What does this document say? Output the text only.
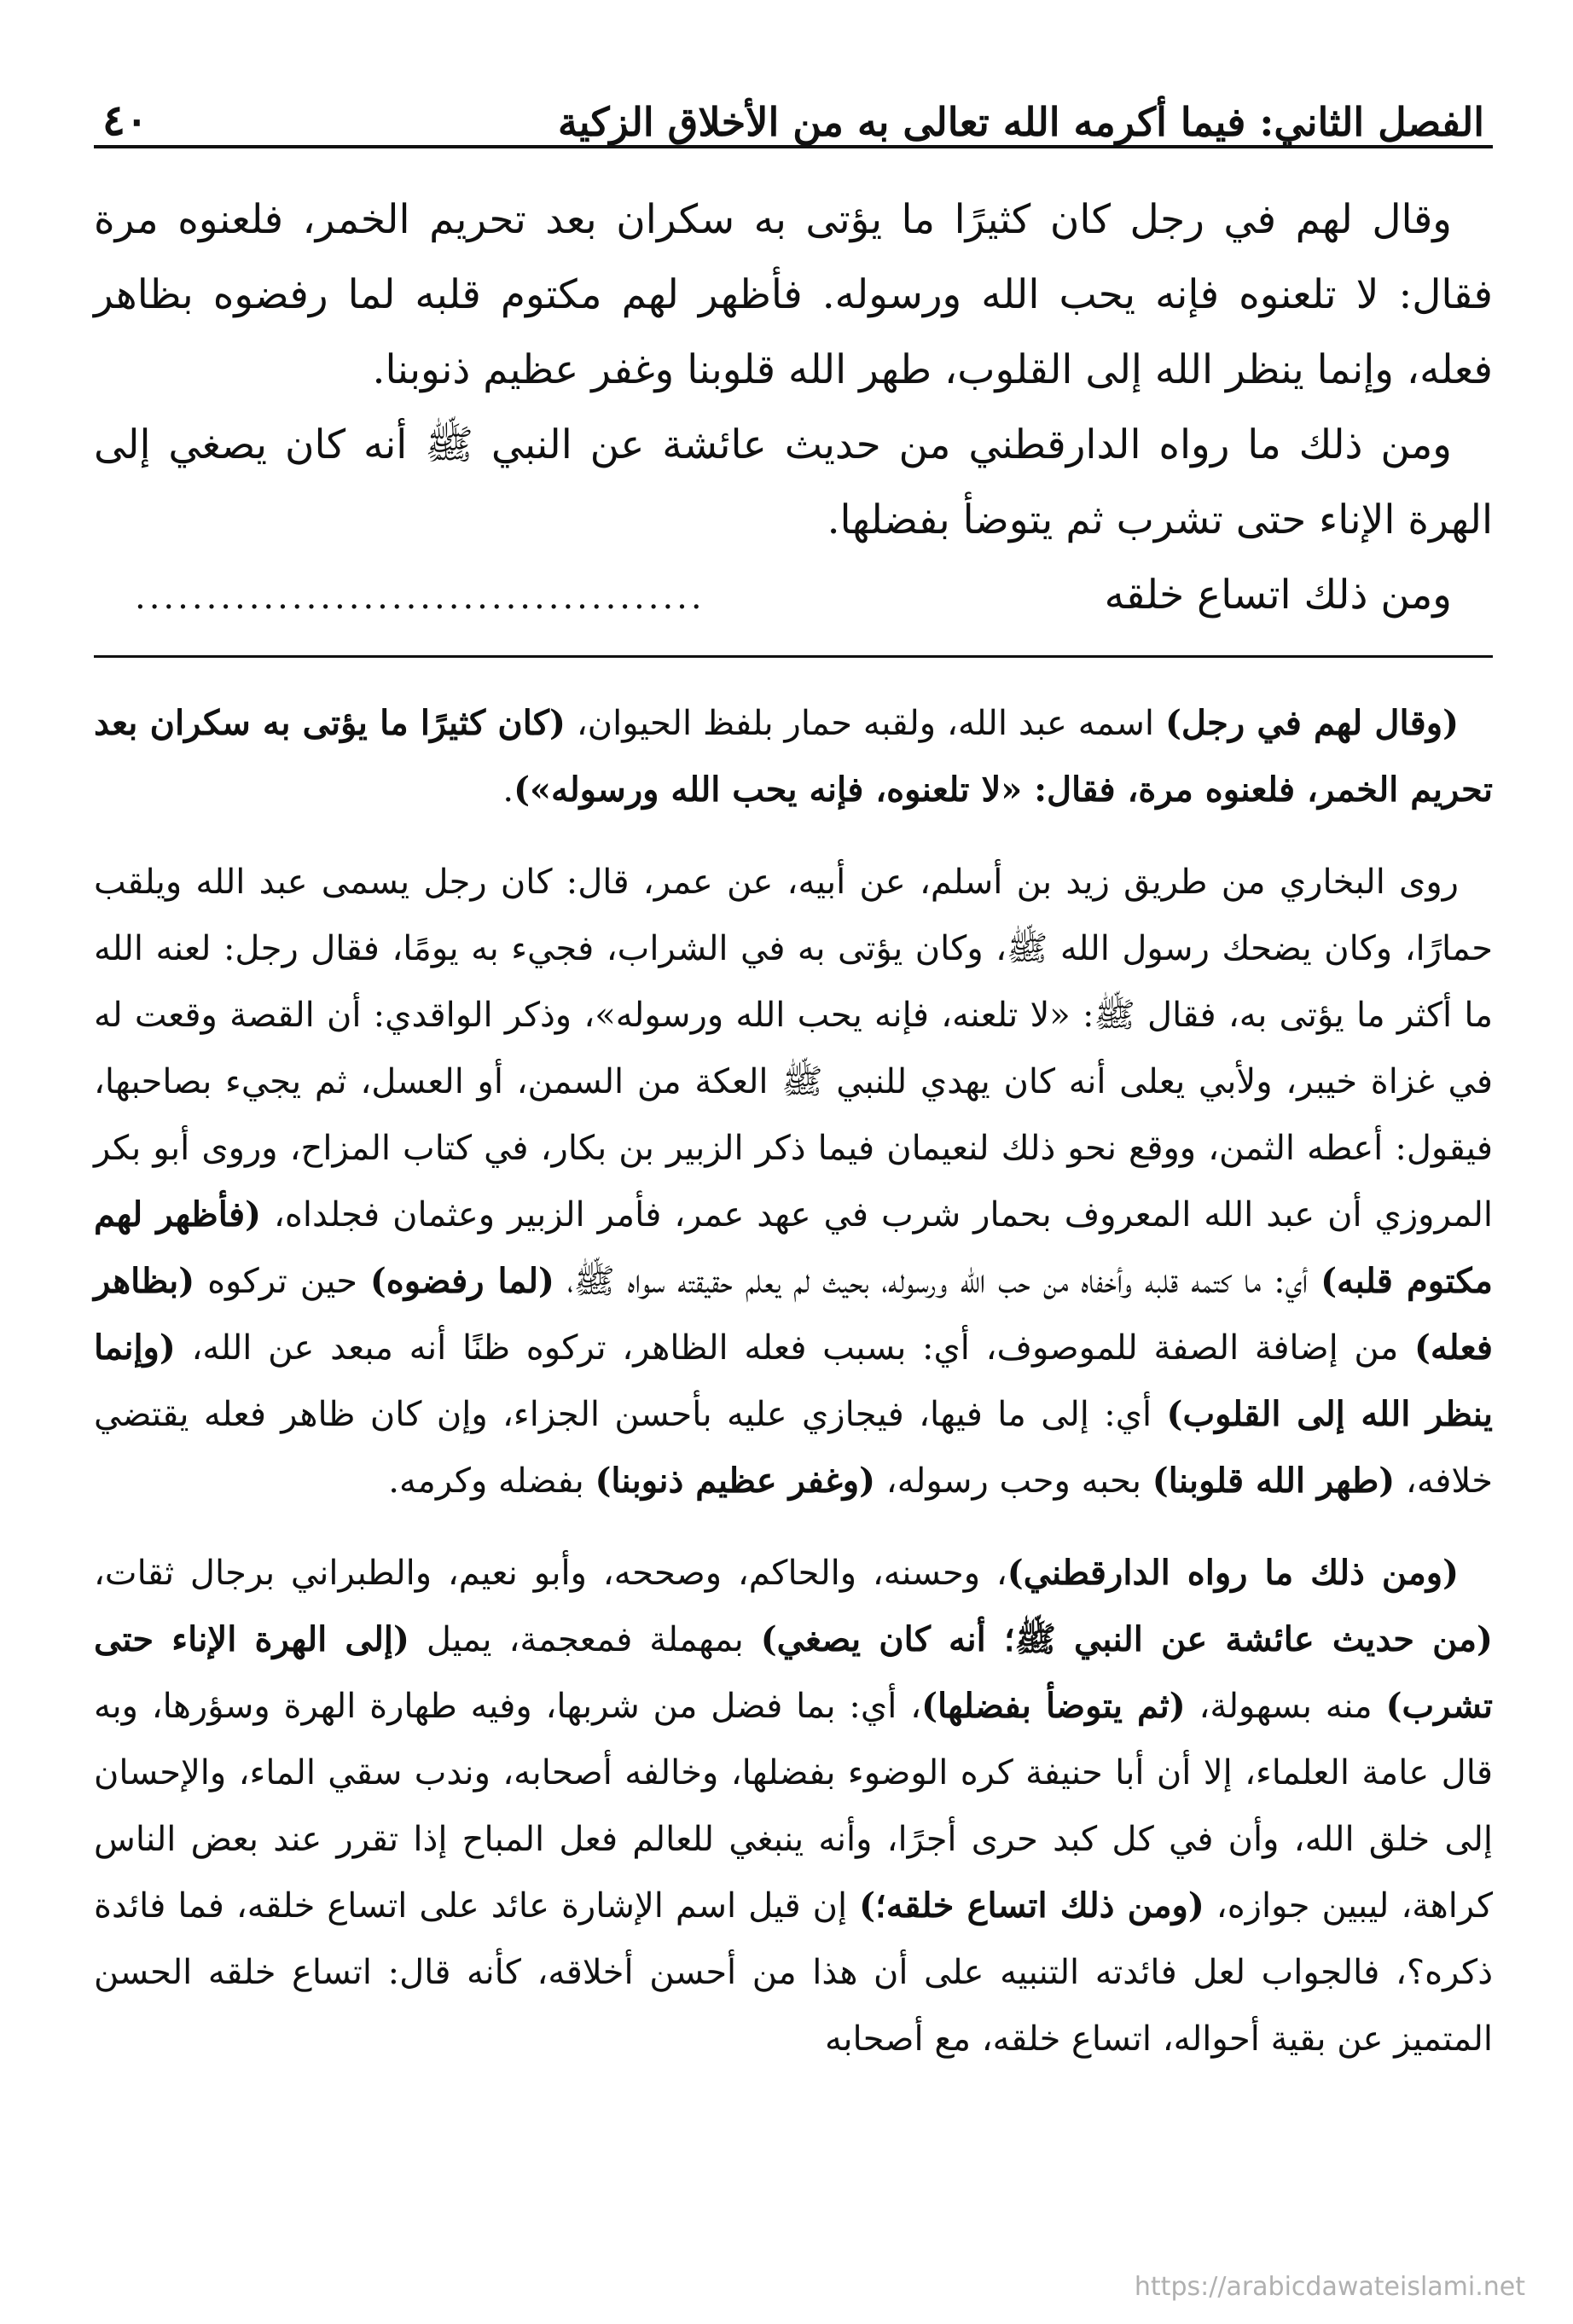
الفصل الثاني: فيما أكرمه الله تعالى به من الأخلاق الزكية
٤٠

وقال لهم في رجل كان كثيرًا ما يؤتى به سكران بعد تحريم الخمر، فلعنوه مرة فقال: لا تلعنوه فإنه يحب الله ورسوله. فأظهر لهم مكتوم قلبه لما رفضوه بظاهر فعله، وإنما ينظر الله إلى القلوب، طهر الله قلوبنا وغفر عظيم ذنوبنا.

ومن ذلك ما رواه الدارقطني من حديث عائشة عن النبي ﷺ أنه كان يصغي إلى الهرة الإناء حتى تشرب ثم يتوضأ بفضلها.

ومن ذلك اتساع خلقه
........................................

(وقال لهم في رجل) اسمه عبد الله، ولقبه حمار بلفظ الحيوان، (كان كثيرًا ما يؤتى به سكران بعد تحريم الخمر، فلعنوه مرة، فقال: «لا تلعنوه، فإنه يحب الله ورسوله»).

روى البخاري من طريق زيد بن أسلم، عن أبيه، عن عمر، قال: كان رجل يسمى عبد الله ويلقب حمارًا، وكان يضحك رسول الله ﷺ، وكان يؤتى به في الشراب، فجيء به يومًا، فقال رجل: لعنه الله ما أكثر ما يؤتى به، فقال ﷺ: «لا تلعنه، فإنه يحب الله ورسوله»، وذكر الواقدي: أن القصة وقعت له في غزاة خيبر، ولأبي يعلى أنه كان يهدي للنبي ﷺ العكة من السمن، أو العسل، ثم يجيء بصاحبها، فيقول: أعطه الثمن، ووقع نحو ذلك لنعيمان فيما ذكر الزبير بن بكار، في كتاب المزاح، وروى أبو بكر المروزي أن عبد الله المعروف بحمار شرب في عهد عمر، فأمر الزبير وعثمان فجلداه، (فأظهر لهم مكتوم قلبه) أي: ما كتمه قلبه وأخفاه من حب الله ورسوله، بحيث لم يعلم حقيقته سواه ﷺ، (لما رفضوه) حين تركوه (بظاهر فعله) من إضافة الصفة للموصوف، أي: بسبب فعله الظاهر، تركوه ظنًا أنه مبعد عن الله، (وإنما ينظر الله إلى القلوب) أي: إلى ما فيها، فيجازي عليه بأحسن الجزاء، وإن كان ظاهر فعله يقتضي خلافه، (طهر الله قلوبنا) بحبه وحب رسوله، (وغفر عظيم ذنوبنا) بفضله وكرمه.

(ومن ذلك ما رواه الدارقطني)، وحسنه، والحاكم، وصححه، وأبو نعيم، والطبراني برجال ثقات، (من حديث عائشة عن النبي ﷺ؛ أنه كان يصغي) بمهملة فمعجمة، يميل (إلى الهرة الإناء حتى تشرب) منه بسهولة، (ثم يتوضأ بفضلها)، أي: بما فضل من شربها، وفيه طهارة الهرة وسؤرها، وبه قال عامة العلماء، إلا أن أبا حنيفة كره الوضوء بفضلها، وخالفه أصحابه، وندب سقي الماء، والإحسان إلى خلق الله، وأن في كل كبد حرى أجرًا، وأنه ينبغي للعالم فعل المباح إذا تقرر عند بعض الناس كراهة، ليبين جوازه، (ومن ذلك اتساع خلقه؛) إن قيل اسم الإشارة عائد على اتساع خلقه، فما فائدة ذكره؟، فالجواب لعل فائدته التنبيه على أن هذا من أحسن أخلاقه، كأنه قال: اتساع خلقه الحسن المتميز عن بقية أحواله، اتساع خلقه، مع أصحابه

https://arabicdawateislami.net
